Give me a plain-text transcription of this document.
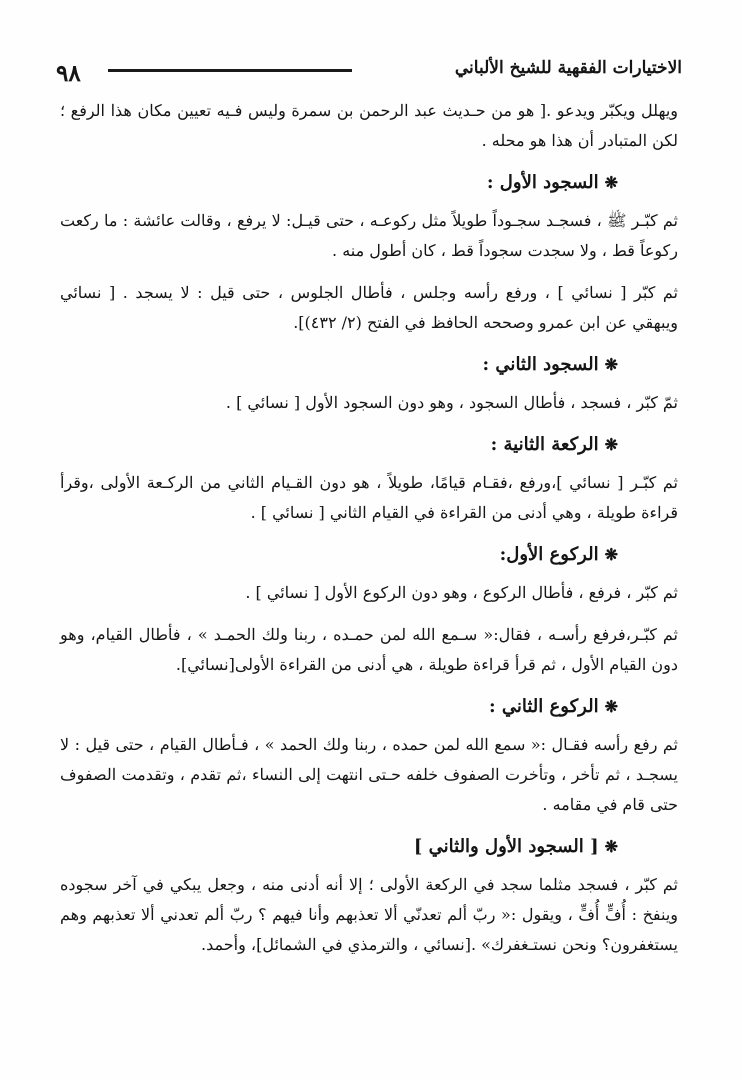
٩٨	الاختيارات الفقهية للشيخ الألباني

ويهلل ويكبّر ويدعو .[ هو من حـديث عبد الرحمن بن سمرة وليس فـيه تعيين مكان هذا الرفع ؛ لكن المتبادر أن هذا هو محله .

❋السجود الأول :

ثم كبّـر ﷺ ، فسجـد سجـوداً طويلاً مثل ركوعـه ، حتى قيـل: لا يرفع ، وقالت عائشة : ما ركعت ركوعاً قط ، ولا سجدت سجوداً قط ، كان أطول منه .

ثم كبّر [ نسائي ] ، ورفع رأسه وجلس ، فأطال الجلوس ، حتى قيل : لا يسجد . [ نسائي ويبهقي عن ابن عمرو وصححه الحافظ في الفتح (٢/ ٤٣٢)].

❋السجود الثاني :

ثمّ كبّر ، فسجد ، فأطال السجود ، وهو دون السجود الأول [ نسائي ] .

❋الركعة الثانية :

ثم كبّـر [ نسائي ]،ورفع ،فقـام قيامًا، طويلاً ، هو دون القـيام الثاني من الركـعة الأولى ،وقرأ قراءة طويلة ، وهي أدنى من القراءة في القيام الثاني [ نسائي ] .

❋الركوع الأول:

ثم كبّر ، فرفع ، فأطال الركوع ، وهو دون الركوع الأول [ نسائي ] .

ثم كبّـر،فرفع رأسـه ، فقال:« سـمع الله لمن حمـده ، ربنا ولك الحمـد » ، فأطال القيام، وهو دون القيام الأول ، ثم قرأ قراءة طويلة ، هي أدنى من القراءة الأولى[نسائي].

❋الركوع الثاني :

ثم رفع رأسه فقـال :« سمع الله لمن حمده ، ربنا ولك الحمد » ، فـأطال القيام ، حتى قيل : لا يسجـد ، ثم تأخر ، وتأخرت الصفوف خلفه حـتى انتهت إلى النساء ،ثم تقدم ، وتقدمت الصفوف حتى قام في مقامه .

❋[ السجود الأول والثاني ]

ثم كبّر ، فسجد مثلما سجد في الركعة الأولى ؛ إلا أنه أدنى منه ، وجعل يبكي في آخر سجوده وينفخ : أُفٍّ أُفٍّ ، ويقول :« ربّ ألم تعدنّي ألا تعذبهم وأنا فيهم ؟ ربّ ألم تعدني ألا تعذبهم وهم يستغفرون؟ ونحن نستـغفرك» .[نسائي ، والترمذي في الشمائل]، وأحمد.
